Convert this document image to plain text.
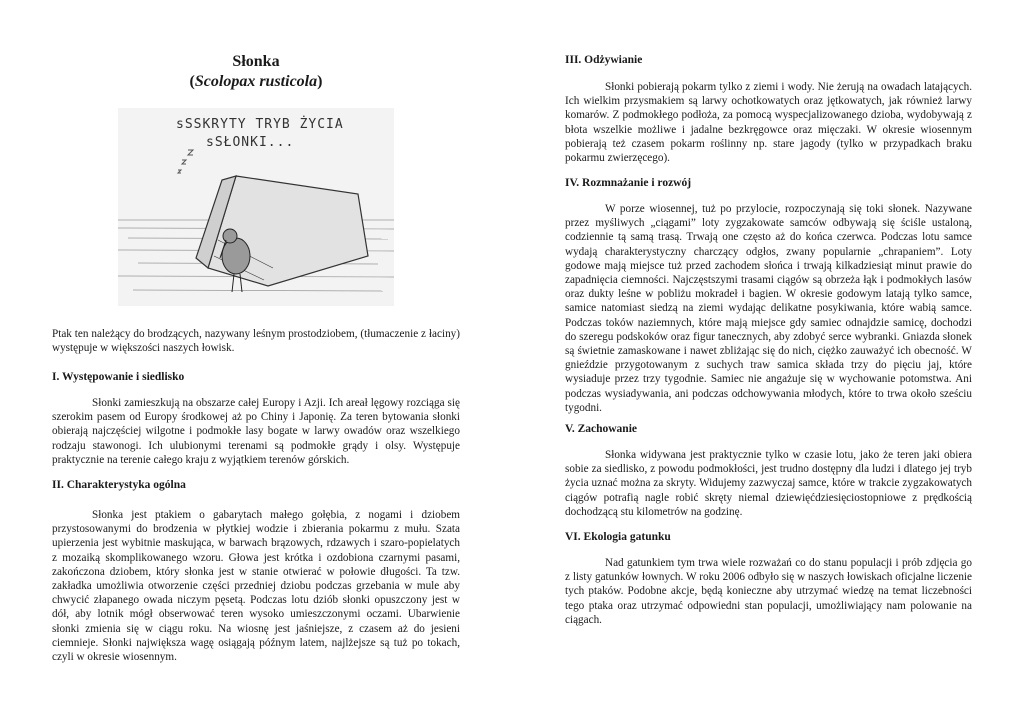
Słonka
(Scolopax rusticola)
sSSKRYTY TRYB ŻYCIA
sSŁONKI...

Ptak ten należący do brodzących, nazywany leśnym prostodziobem, (tłumaczenie z łaciny) występuje w większości naszych łowisk.

I. Występowanie i siedlisko

Słonki zamieszkują na obszarze całej Europy i Azji. Ich areał lęgowy rozciąga się szerokim pasem od Europy środkowej aż po Chiny i Japonię. Za teren bytowania słonki obierają najczęściej wilgotne i podmokłe lasy bogate w larwy owadów oraz wszelkiego rodzaju stawonogi. Ich ulubionymi terenami są podmokłe grądy i olsy. Występuje praktycznie na terenie całego kraju z wyjątkiem terenów górskich.

II. Charakterystyka ogólna

Słonka jest ptakiem o gabarytach małego gołębia, z nogami i dziobem przystosowanymi do brodzenia w płytkiej wodzie i zbierania pokarmu z mułu. Szata upierzenia jest wybitnie maskująca, w barwach brązowych, rdzawych i szaro-popielatych z mozaiką skomplikowanego wzoru. Głowa jest krótka i ozdobiona czarnymi pasami, zakończona dziobem, który słonka jest w stanie otwierać w połowie długości. Ta tzw. zakładka umożliwia otworzenie części przedniej dziobu podczas grzebania w mule aby chwycić złapanego owada niczym pęsetą. Podczas lotu dziób słonki opuszczony jest w dół, aby lotnik mógł obserwować teren wysoko umieszczonymi oczami. Ubarwienie słonki zmienia się w ciągu roku. Na wiosnę jest jaśniejsze, z czasem aż do jesieni ciemnieje. Słonki największa wagę osiągają późnym latem, najlżejsze są tuż po tokach, czyli w okresie wiosennym.

III. Odżywianie

Słonki pobierają pokarm tylko z ziemi i wody. Nie żerują na owadach latających. Ich wielkim przysmakiem są larwy ochotkowatych oraz jętkowatych, jak również larwy komarów. Z podmokłego podłoża, za pomocą wyspecjalizowanego dzioba, wydobywają z błota wszelkie możliwe i jadalne bezkręgowce oraz mięczaki. W okresie wiosennym pobierają też czasem pokarm roślinny np. stare jagody (tylko w przypadkach braku pokarmu zwierzęcego).

IV. Rozmnażanie i rozwój

W porze wiosennej, tuż po przylocie, rozpoczynają się toki słonek. Nazywane przez myśliwych „ciągami” loty zygzakowate samców odbywają się ściśle ustaloną, codziennie tą samą trasą. Trwają one często aż do końca czerwca. Podczas lotu samce wydają charakterystyczny charczący odgłos, zwany popularnie „chrapaniem”. Loty godowe mają miejsce tuż przed zachodem słońca i trwają kilkadziesiąt minut prawie do zapadnięcia ciemności. Najczęstszymi trasami ciągów są obrzeża łąk i podmokłych lasów oraz dukty leśne w pobliżu mokradeł i bagien. W okresie godowym latają tylko samce, samice natomiast siedzą na ziemi wydając delikatne posykiwania, które wabią samce. Podczas toków naziemnych, które mają miejsce gdy samiec odnajdzie samicę, dochodzi do szeregu podskoków oraz figur tanecznych, aby zdobyć serce wybranki. Gniazda słonek są świetnie zamaskowane i nawet zbliżając się do nich, ciężko zauważyć ich obecność. W gnieździe przygotowanym z suchych traw samica składa trzy do pięciu jaj, które wysiaduje przez trzy tygodnie. Samiec nie angażuje się w wychowanie potomstwa. Ani podczas wysiadywania, ani podczas odchowywania młodych, które to trwa około sześciu tygodni.

V. Zachowanie

Słonka widywana jest praktycznie tylko w czasie lotu, jako że teren jaki obiera sobie za siedlisko, z powodu podmokłości, jest trudno dostępny dla ludzi i dlatego jej tryb życia uznać można za skryty. Widujemy zazwyczaj samce, które w trakcie zygzakowatych ciągów potrafią nagle robić skręty niemal dziewięćdziesięciostopniowe z prędkością dochodzącą stu kilometrów na godzinę.

VI. Ekologia gatunku

Nad gatunkiem tym trwa wiele rozważań co do stanu populacji i prób zdjęcia go z listy gatunków łownych. W roku 2006 odbyło się w naszych łowiskach oficjalne liczenie tych ptaków. Podobne akcje, będą konieczne aby utrzymać wiedzę na temat liczebności tego ptaka oraz utrzymać odpowiedni stan populacji, umożliwiający nam polowanie na ciągach.
